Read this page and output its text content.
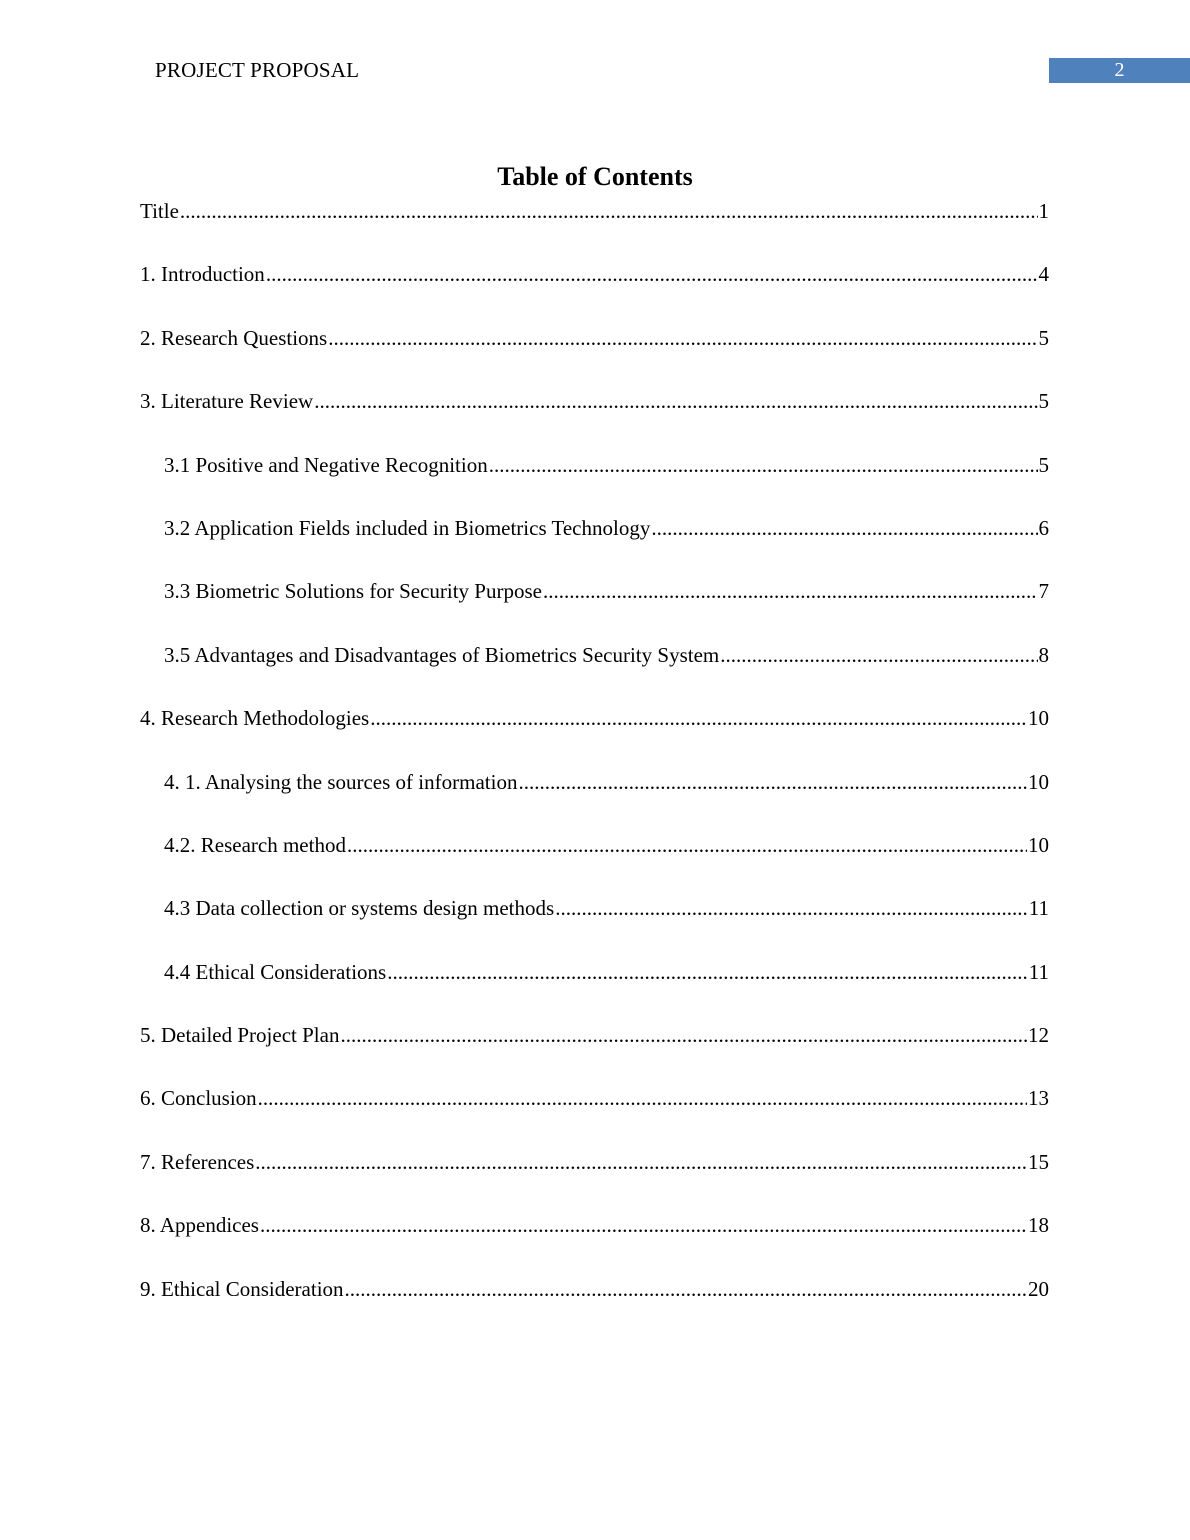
PROJECT PROPOSAL	2
Table of Contents
Title .....	1
1. Introduction .....	4
2. Research Questions .....	5
3. Literature Review .....	5
3.1 Positive and Negative Recognition .....	5
3.2 Application Fields included in Biometrics Technology .....	6
3.3 Biometric Solutions for Security Purpose .....	7
3.5 Advantages and Disadvantages of Biometrics Security System .....	8
4. Research Methodologies .....	10
4. 1. Analysing the sources of information .....	10
4.2. Research method .....	10
4.3 Data collection or systems design methods .....	11
4.4 Ethical Considerations .....	11
5. Detailed Project Plan .....	12
6. Conclusion .....	13
7. References .....	15
8. Appendices .....	18
9. Ethical Consideration .....	20
